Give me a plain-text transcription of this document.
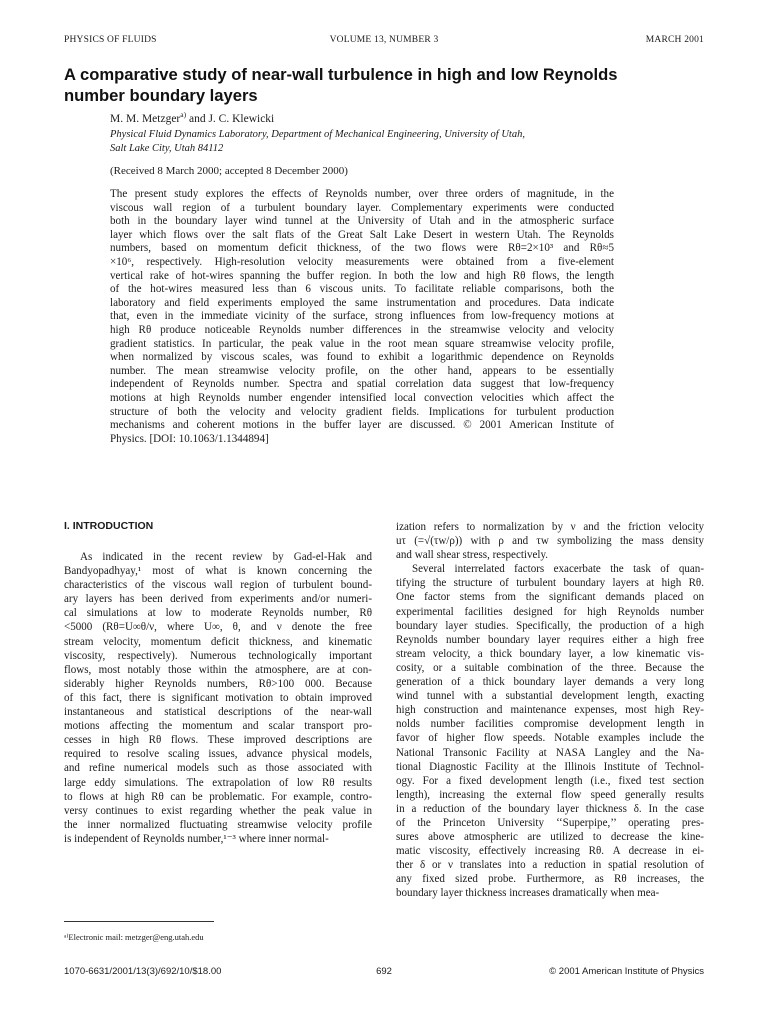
PHYSICS OF FLUIDS	VOLUME 13, NUMBER 3	MARCH 2001
A comparative study of near-wall turbulence in high and low Reynolds
number boundary layers
M. M. Metzger$^{a)}$ and J. C. Klewicki
Physical Fluid Dynamics Laboratory, Department of Mechanical Engineering, University of Utah,
Salt Lake City, Utah 84112
(Received 8 March 2000; accepted 8 December 2000)
The present study explores the effects of Reynolds number, over three orders of magnitude, in the
viscous wall region of a turbulent boundary layer. Complementary experiments were conducted
both in the boundary layer wind tunnel at the University of Utah and in the atmospheric surface
layer which flows over the salt flats of the Great Salt Lake Desert in western Utah. The Reynolds
numbers, based on momentum deficit thickness, of the two flows were Rθ=2×10³ and Rθ≈5
×10⁶, respectively. High-resolution velocity measurements were obtained from a five-element
vertical rake of hot-wires spanning the buffer region. In both the low and high Rθ flows, the length
of the hot-wires measured less than 6 viscous units. To facilitate reliable comparisons, both the
laboratory and field experiments employed the same instrumentation and procedures. Data indicate
that, even in the immediate vicinity of the surface, strong influences from low-frequency motions at
high Rθ produce noticeable Reynolds number differences in the streamwise velocity and velocity
gradient statistics. In particular, the peak value in the root mean square streamwise velocity profile,
when normalized by viscous scales, was found to exhibit a logarithmic dependence on Reynolds
number. The mean streamwise velocity profile, on the other hand, appears to be essentially
independent of Reynolds number. Spectra and spatial correlation data suggest that low-frequency
motions at high Reynolds number engender intensified local convection velocities which affect the
structure of both the velocity and velocity gradient fields. Implications for turbulent production
mechanisms and coherent motions in the buffer layer are discussed. © 2001 American Institute of
Physics. [DOI: 10.1063/1.1344894]
I. INTRODUCTION
As indicated in the recent review by Gad-el-Hak and
Bandyopadhyay,¹ most of what is known concerning the
characteristics of the viscous wall region of turbulent bound-
ary layers has been derived from experiments and/or numeri-
cal simulations at low to moderate Reynolds number, Rθ
<5000 (Rθ=U∞θ/ν, where U∞, θ, and ν denote the free
stream velocity, momentum deficit thickness, and kinematic
viscosity, respectively). Numerous technologically important
flows, most notably those within the atmosphere, are at con-
siderably higher Reynolds numbers, Rθ>100 000. Because
of this fact, there is significant motivation to obtain improved
instantaneous and statistical descriptions of the near-wall
motions affecting the momentum and scalar transport pro-
cesses in high Rθ flows. These improved descriptions are
required to resolve scaling issues, advance physical models,
and refine numerical models such as those associated with
large eddy simulations. The extrapolation of low Rθ results
to flows at high Rθ can be problematic. For example, contro-
versy continues to exist regarding whether the peak value in
the inner normalized fluctuating streamwise velocity profile
is independent of Reynolds number,¹⁻³ where inner normal-
ization refers to normalization by ν and the friction velocity
uτ (=√(τw/ρ)) with ρ and τw symbolizing the mass density
and wall shear stress, respectively.
Several interrelated factors exacerbate the task of quan-
tifying the structure of turbulent boundary layers at high Rθ.
One factor stems from the significant demands placed on
experimental facilities designed for high Reynolds number
boundary layer studies. Specifically, the production of a high
Reynolds number boundary layer requires either a high free
stream velocity, a thick boundary layer, a low kinematic vis-
cosity, or a suitable combination of the three. Because the
generation of a thick boundary layer demands a very long
wind tunnel with a substantial development length, exacting
high construction and maintenance expenses, most high Rey-
nolds number facilities compromise development length in
favor of higher flow speeds. Notable examples include the
National Transonic Facility at NASA Langley and the Na-
tional Diagnostic Facility at the Illinois Institute of Technol-
ogy. For a fixed development length (i.e., fixed test section
length), increasing the external flow speed generally results
in a reduction of the boundary layer thickness δ. In the case
of the Princeton University ‘‘Superpipe,’’ operating pres-
sures above atmospheric are utilized to decrease the kine-
matic viscosity, effectively increasing Rθ. A decrease in ei-
ther δ or ν translates into a reduction in spatial resolution of
any fixed sized probe. Furthermore, as Rθ increases, the
boundary layer thickness increases dramatically when mea-
ᵃ⁾Electronic mail: metzger@eng.utah.edu
1070-6631/2001/13(3)/692/10/$18.00	692	© 2001 American Institute of Physics
